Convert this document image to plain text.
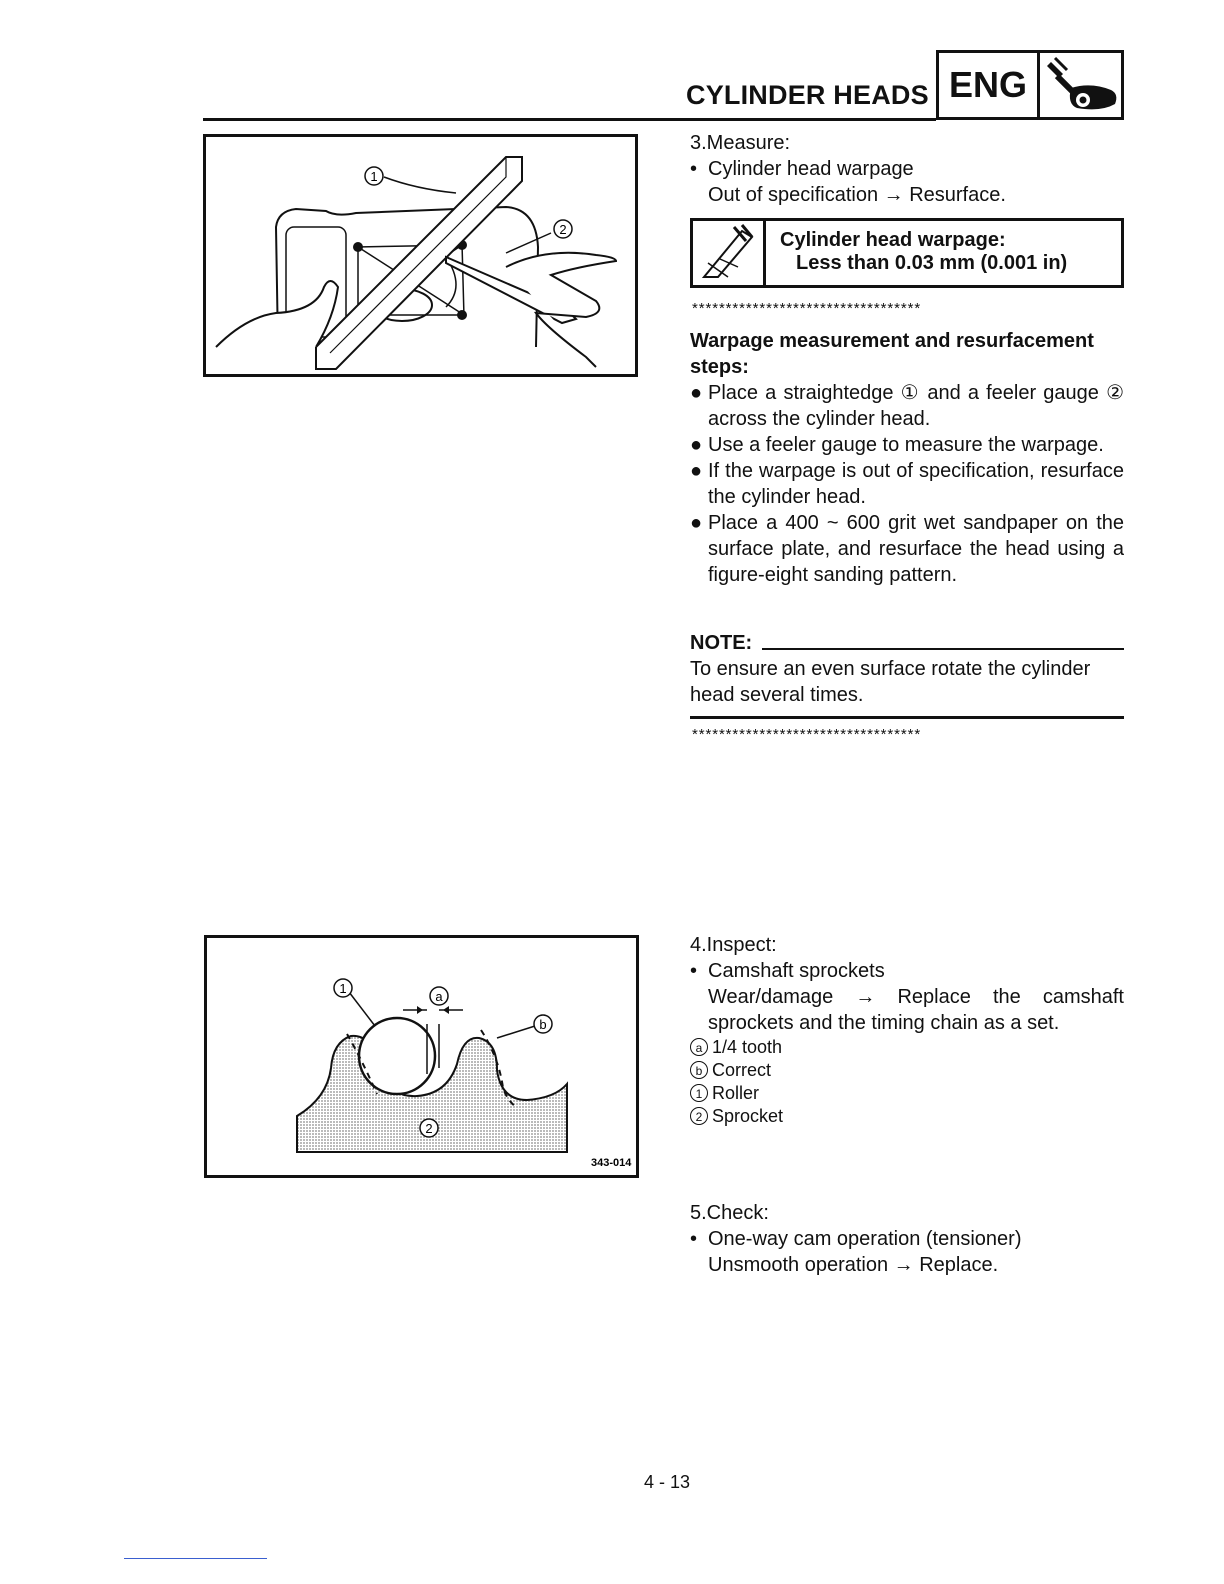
CYLINDER HEADS ENG
1
2
3.Measure:
• Cylinder head warpage
Out of specification → Resurface.
Cylinder head warpage:
Less than 0.03 mm (0.001 in)
**********************************
Warpage measurement and resurfacement steps:
● Place a straightedge ① and a feeler gauge ② across the cylinder head.
● Use a feeler gauge to measure the warpage.
● If the warpage is out of specification, resurface the cylinder head.
● Place a 400 ~ 600 grit wet sandpaper on the surface plate, and resurface the head using a figure-eight sanding pattern.
NOTE:
To ensure an even surface rotate the cylinder head several times.
**********************************
1
a
b
2
343-014
4.Inspect:
• Camshaft sprockets
Wear/damage → Replace the camshaft sprockets and the timing chain as a set.
a 1/4 tooth
b Correct
1 Roller
2 Sprocket
5.Check:
• One-way cam operation (tensioner)
Unsmooth operation → Replace.
4 - 13
